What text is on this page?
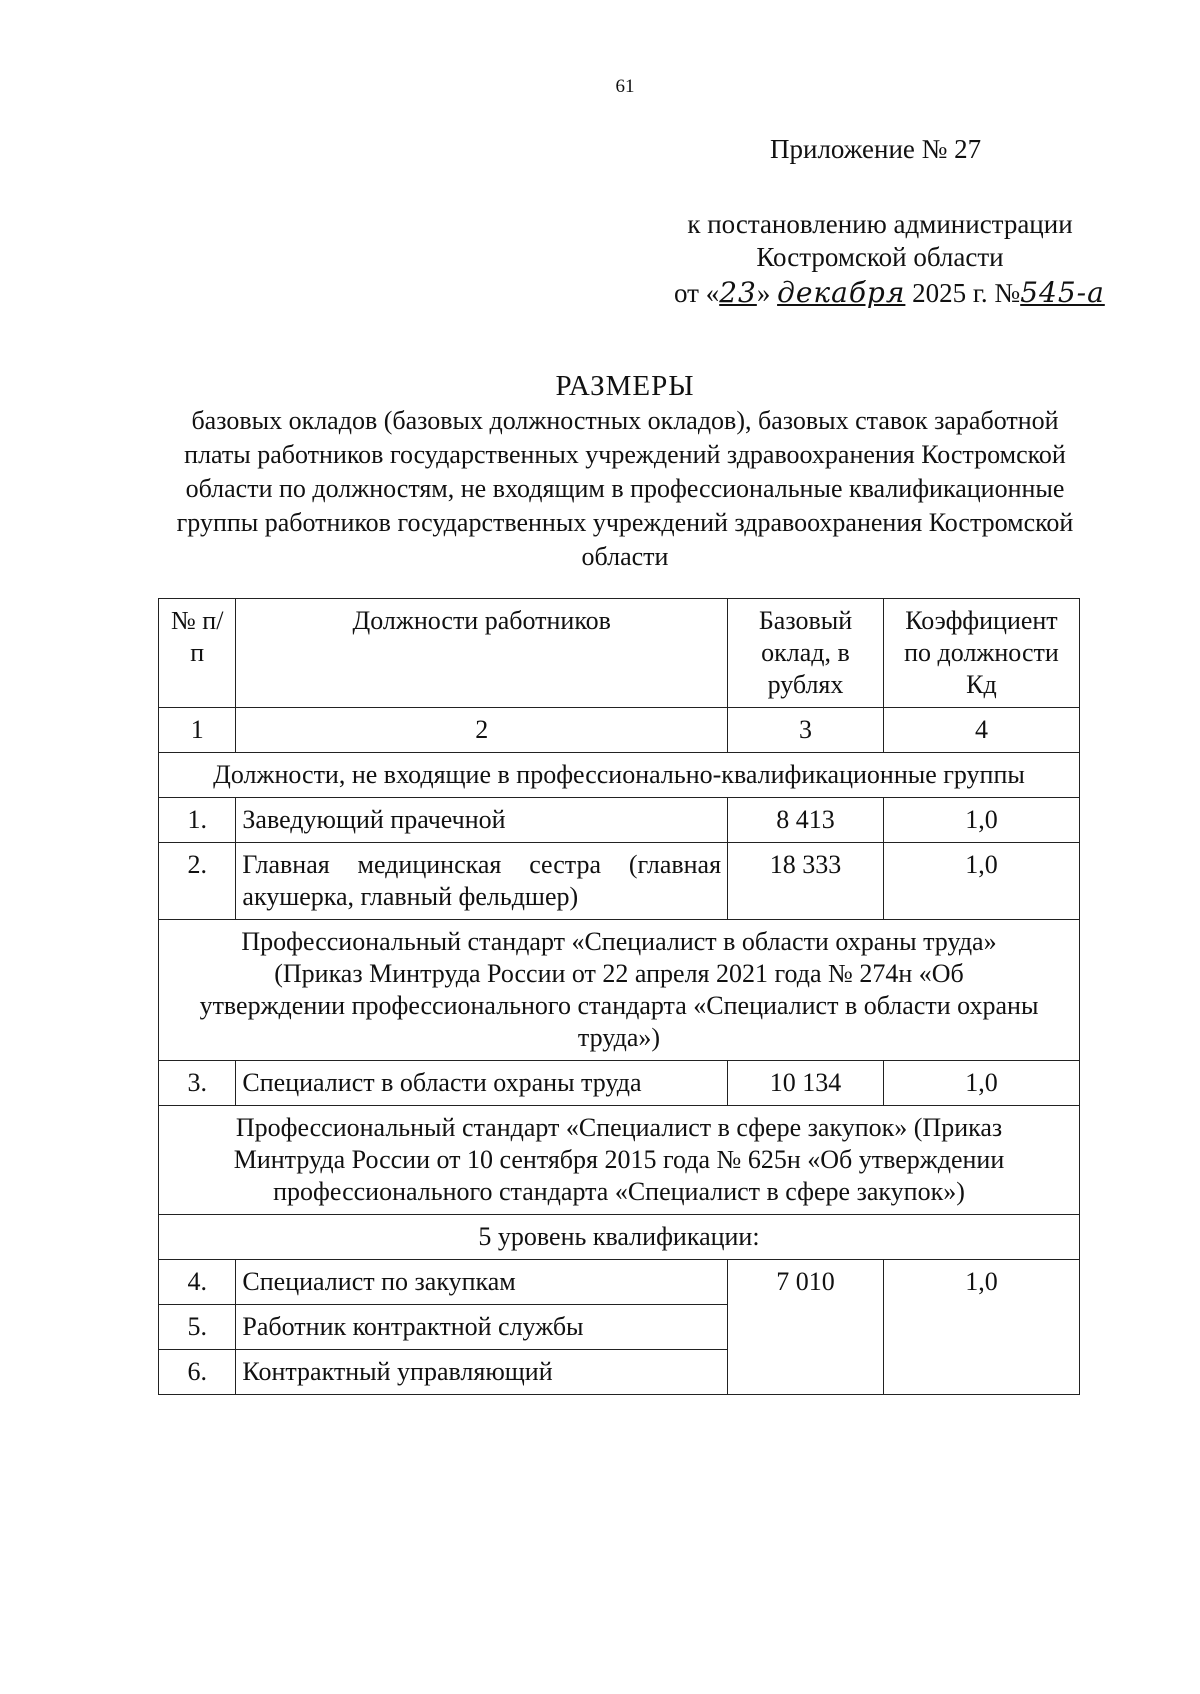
61
Приложение № 27
к постановлению администрации
Костромской области
от «23» декабря 2025 г. №545-а
РАЗМЕРЫ
базовых окладов (базовых должностных окладов), базовых ставок заработной платы работников государственных учреждений здравоохранения Костромской области по должностям, не входящим в профессиональные квалификационные группы работников государственных учреждений здравоохранения Костромской области
№ п/п	Должности работников	Базовый оклад, в рублях	Коэффициент по должности Кд
1	2	3	4
Должности, не входящие в профессионально-квалификационные группы			
1.	Заведующий прачечной	8 413	1,0
2.	Главная медицинская сестра (главная акушерка, главный фельдшер)	18 333	1,0
Профессиональный стандарт «Специалист в области охраны труда» (Приказ Минтруда России от 22 апреля 2021 года № 274н «Об утверждении профессионального стандарта «Специалист в области охраны труда»)			
3.	Специалист в области охраны труда	10 134	1,0
Профессиональный стандарт «Специалист в сфере закупок» (Приказ Минтруда России от 10 сентября 2015 года № 625н «Об утверждении профессионального стандарта «Специалист в сфере закупок»)			
5 уровень квалификации:			
4.	Специалист по закупкам	7 010	1,0
5.	Работник контрактной службы		
6.	Контрактный управляющий		
